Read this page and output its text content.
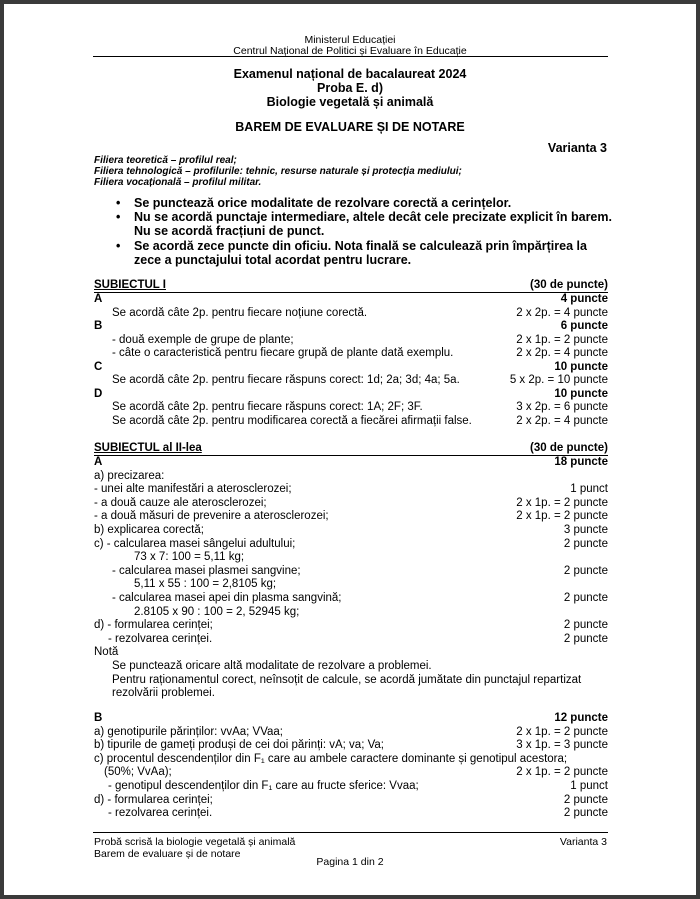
Ministerul Educației
Centrul Național de Politici și Evaluare în Educație
Examenul național de bacalaureat 2024
Proba E. d)
Biologie vegetală și animală
BAREM DE EVALUARE ȘI DE NOTARE
Varianta 3
Filiera teoretică – profilul real;
Filiera tehnologică – profilurile: tehnic, resurse naturale și protecția mediului;
Filiera vocațională – profilul militar.
• Se punctează orice modalitate de rezolvare corectă a cerințelor.
• Nu se acordă punctaje intermediare, altele decât cele precizate explicit în barem. Nu se acordă fracțiuni de punct.
• Se acordă zece puncte din oficiu. Nota finală se calculează prin împărțirea la zece a punctajului total acordat pentru lucrare.
SUBIECTUL I	(30 de puncte)
A	4 puncte
Se acordă câte 2p. pentru fiecare noțiune corectă.	2 x 2p. = 4 puncte
B	6 puncte
- două exemple de grupe de plante;	2 x 1p. = 2 puncte
- câte o caracteristică pentru fiecare grupă de plante dată exemplu.	2 x 2p. = 4 puncte
C	10 puncte
Se acordă câte 2p. pentru fiecare răspuns corect: 1d; 2a; 3d; 4a; 5a.	5 x 2p. = 10 puncte
D	10 puncte
Se acordă câte 2p. pentru fiecare răspuns corect: 1A; 2F; 3F.	3 x 2p. = 6 puncte
Se acordă câte 2p. pentru modificarea corectă a fiecărei afirmații false.	2 x 2p. = 4 puncte
SUBIECTUL al II-lea	(30 de puncte)
A	18 puncte
a) precizarea:
- unei alte manifestări a aterosclerozei;	1 punct
- a două cauze ale aterosclerozei;	2 x 1p. = 2 puncte
- a două măsuri de prevenire a aterosclerozei;	2 x 1p. = 2 puncte
b) explicarea corectă;	3 puncte
c) - calcularea masei sângelui adultului;	2 puncte
73 x 7: 100 = 5,11 kg;
- calcularea masei plasmei sangvine;	2 puncte
5,11 x 55 : 100 = 2,8105 kg;
- calcularea masei apei din plasma sangvină;	2 puncte
2.8105 x 90 : 100 = 2, 52945 kg;
d) - formularea cerinței;	2 puncte
- rezolvarea cerinței.	2 puncte
Notă
Se punctează oricare altă modalitate de rezolvare a problemei.
Pentru raționamentul corect, neînsoțit de calcule, se acordă jumătate din punctajul repartizat
rezolvării problemei.
B	12 puncte
a) genotipurile părinților: vvAa; VVaa;	2 x 1p. = 2 puncte
b) tipurile de gameți produși de cei doi părinți: vA; va; Va;	3 x 1p. = 3 puncte
c) procentul descendenților din F₁ care au ambele caractere dominante și genotipul acestora;
(50%; VvAa);	2 x 1p. = 2 puncte
- genotipul descendenților din F₁ care au fructe sferice: Vvaa;	1 punct
d) - formularea cerinței;	2 puncte
- rezolvarea cerinței.	2 puncte
Probă scrisă la biologie vegetală și animală
Barem de evaluare și de notare
Varianta 3
Pagina 1 din 2
